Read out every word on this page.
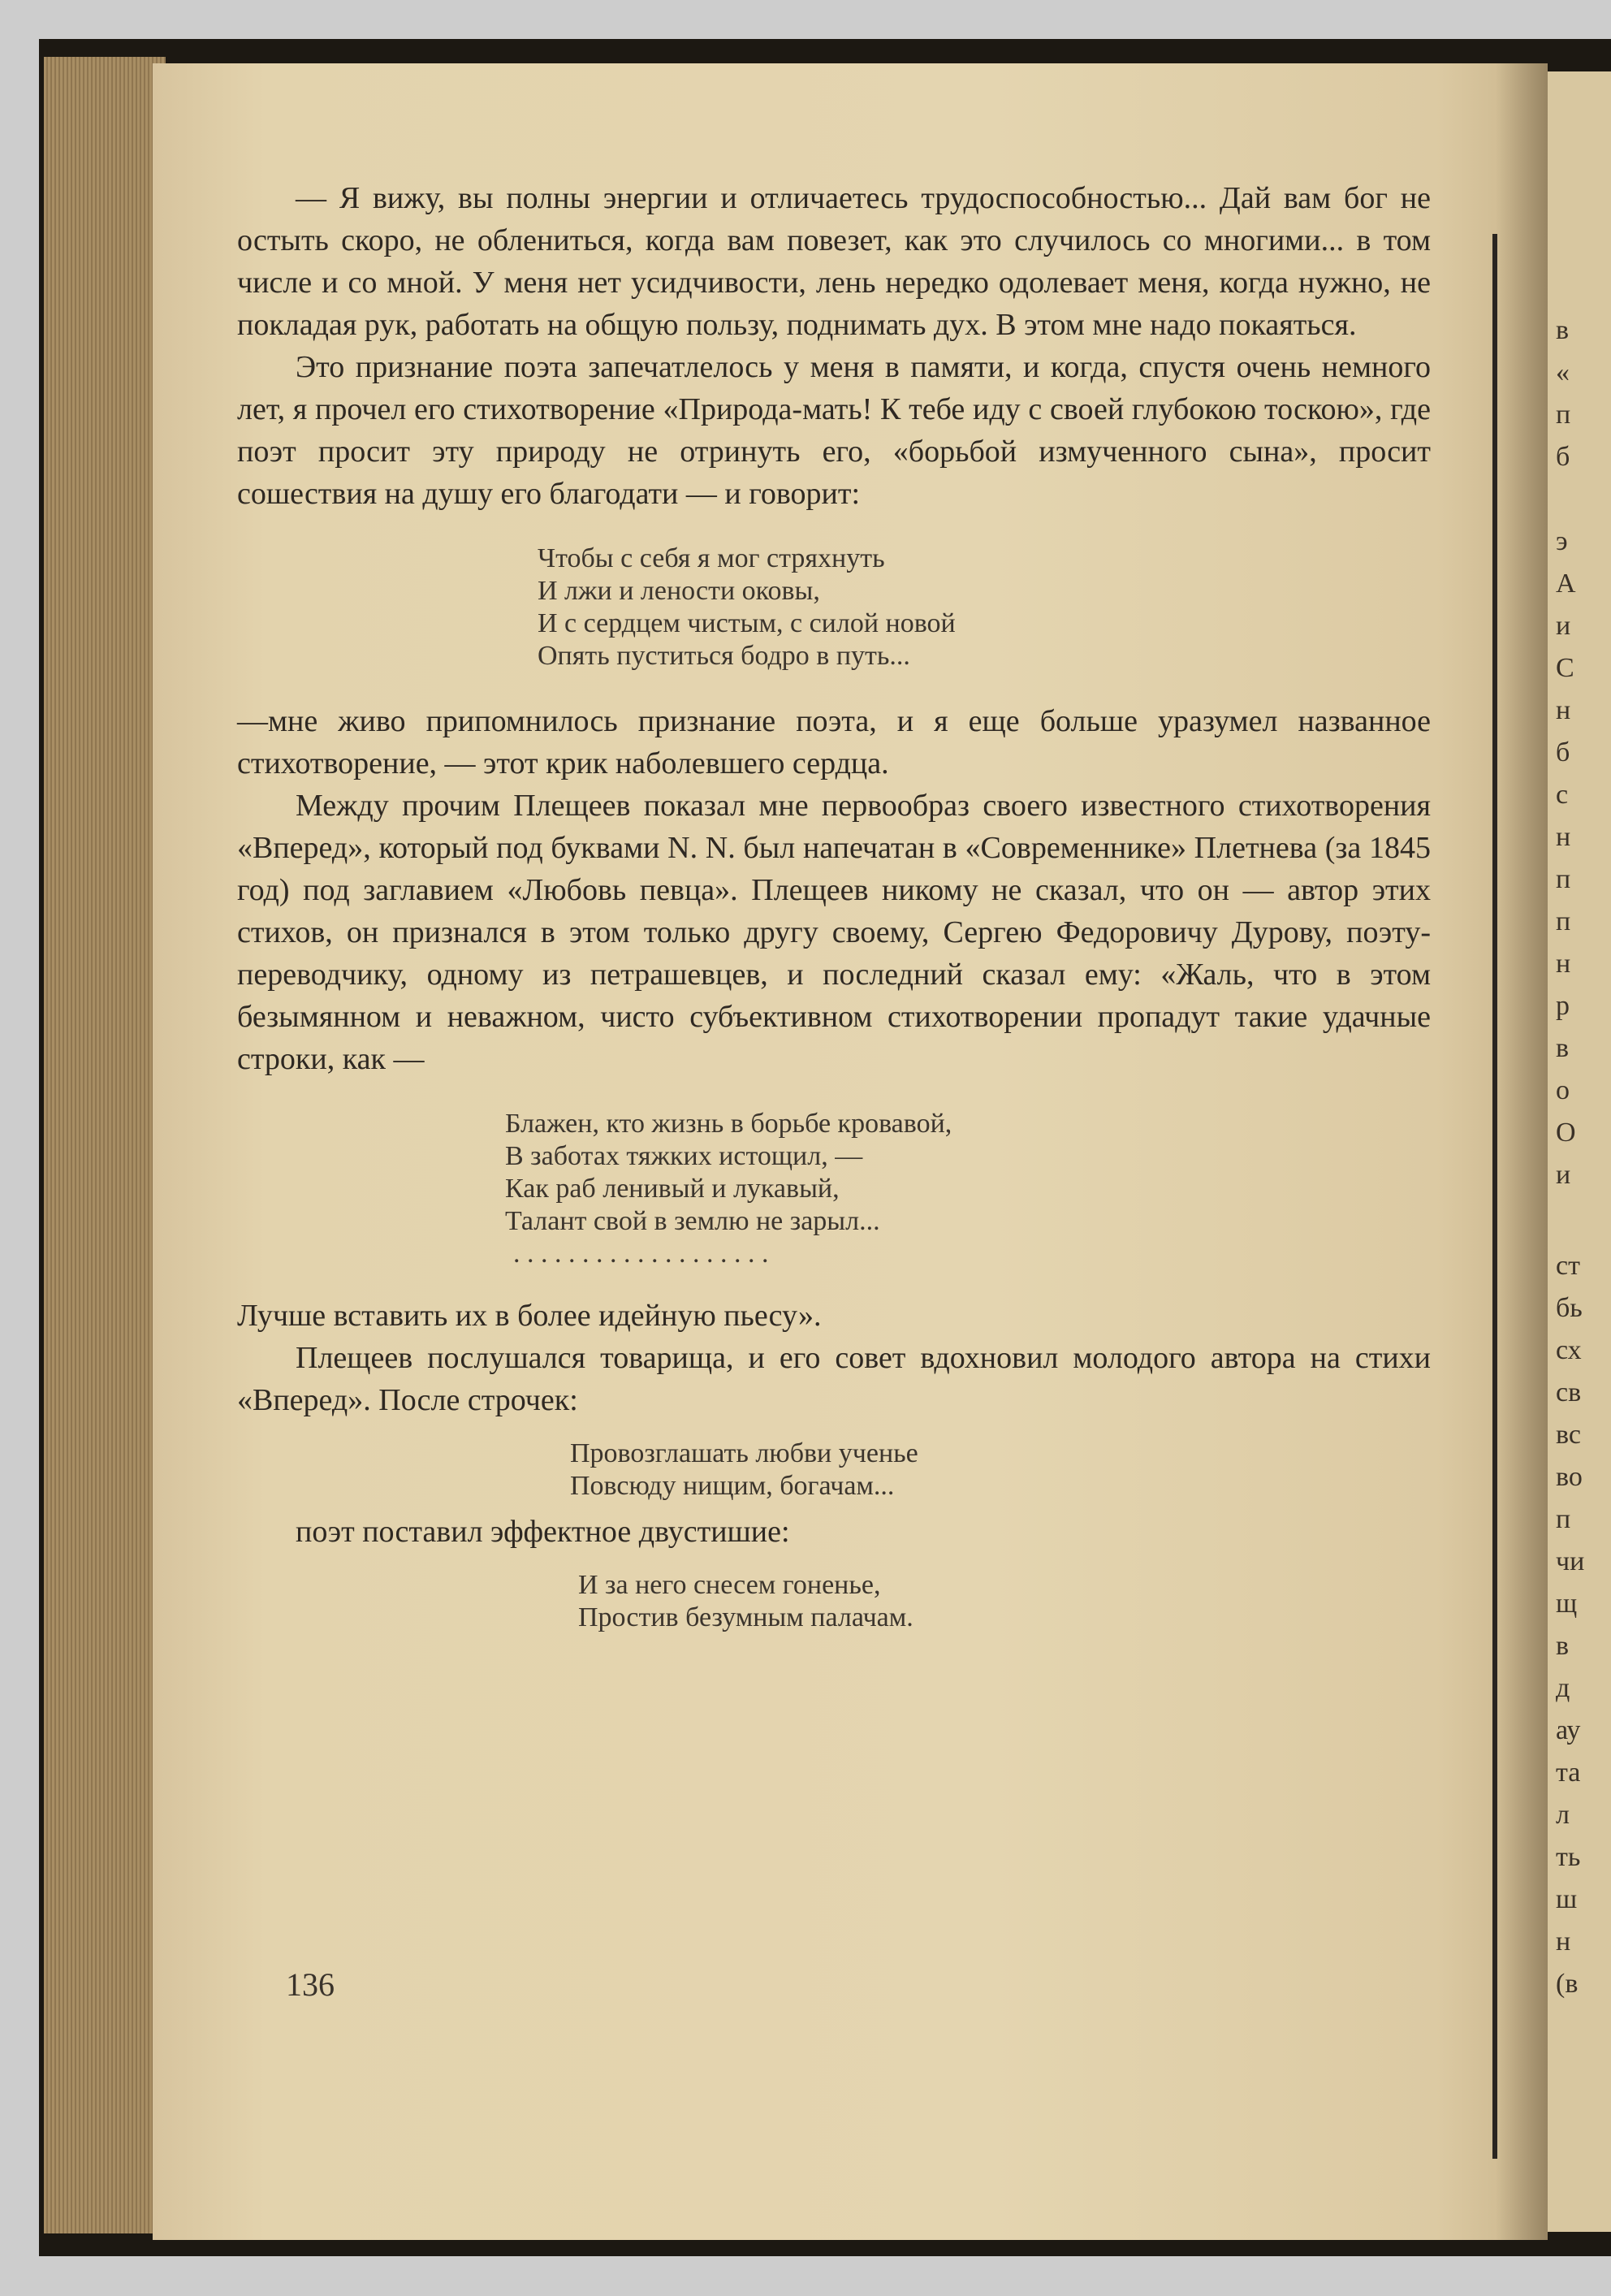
в
«
п
б
э
А
и
С
н
б
с
н
п
п
н
р
в
о
О
и
ст
бь
сх
св
вс
во
п
чи
щ
в
д
ау
та
л
ть
ш
н
(в

— Я вижу, вы полны энергии и отличаетесь трудоспособностью... Дай вам бог не остыть скоро, не облениться, когда вам повезет, как это случилось со многими... в том числе и со мной. У меня нет усидчивости, лень нередко одолевает меня, когда нужно, не покладая рук, работать на общую пользу, поднимать дух. В этом мне надо покаяться.

Это признание поэта запечатлелось у меня в памяти, и когда, спустя очень немного лет, я прочел его стихотворение «Природа-мать! К тебе иду с своей глубокою тоскою», где поэт просит эту природу не отринуть его, «борьбой измученного сына», просит сошествия на душу его благодати — и говорит:

Чтобы с себя я мог стряхнуть
И лжи и лености оковы,
И с сердцем чистым, с силой новой
Опять пуститься бодро в путь...

—мне живо припомнилось признание поэта, и я еще больше уразумел названное стихотворение, — этот крик наболевшего сердца.

Между прочим Плещеев показал мне первообраз своего известного стихотворения «Вперед», который под буквами N. N. был напечатан в «Современнике» Плетнева (за 1845 год) под заглавием «Любовь певца». Плещеев никому не сказал, что он — автор этих стихов, он признался в этом только другу своему, Сергею Федоровичу Дурову, поэту-переводчику, одному из петрашевцев, и последний сказал ему: «Жаль, что в этом безымянном и неважном, чисто субъективном стихотворении пропадут такие удачные строки, как —

Блажен, кто жизнь в борьбе кровавой,
В заботах тяжких истощил, —
Как раб ленивый и лукавый,
Талант свой в землю не зарыл...
. . . . . . . . . . . . . . . . . . .

Лучше вставить их в более идейную пьесу».

Плещеев послушался товарища, и его совет вдохновил молодого автора на стихи «Вперед». После строчек:

Провозглашать любви ученье
Повсюду нищим, богачам...

поэт поставил эффектное двустишие:

И за него снесем гоненье,
Простив безумным палачам.
136
